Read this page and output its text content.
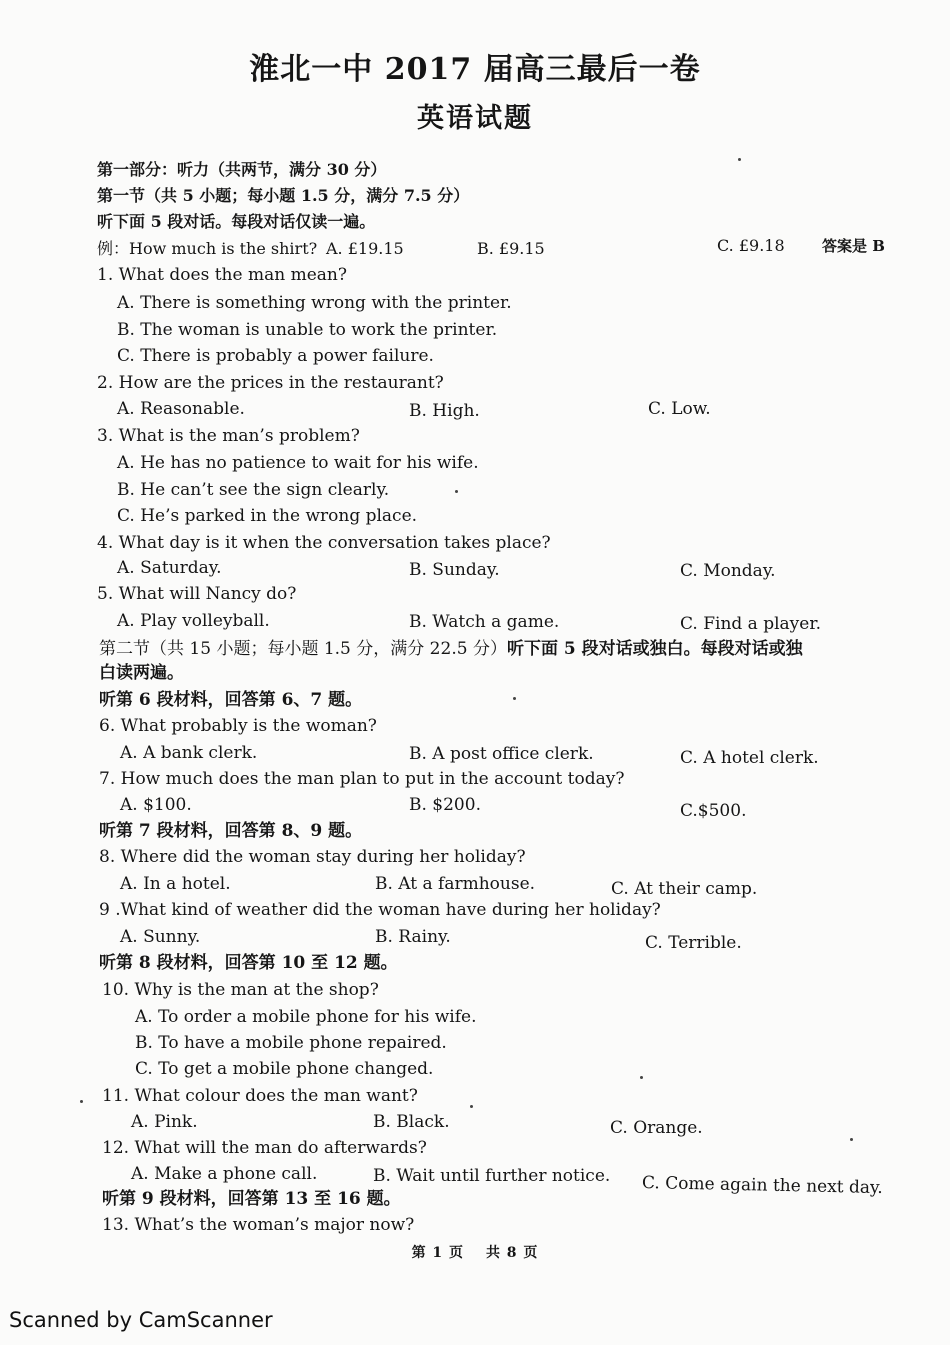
淮北一中 2017 届高三最后一卷
英语试题
第一部分：听力（共两节，满分 30 分）
第一节（共 5 小题；每小题 1.5 分，满分 7.5 分）
听下面 5 段对话。每段对话仅读一遍。
例：How much is the shirt? A. £19.15	B. £9.15	C. £9.18 答案是 B
1. What does the man mean?
A. There is something wrong with the printer.
B. The woman is unable to work the printer.
C. There is probably a power failure.
2. How are the prices in the restaurant?
A. Reasonable.	B. High.	C. Low.
3. What is the man’s problem?
A. He has no patience to wait for his wife.
B. He can’t see the sign clearly.
C. He’s parked in the wrong place.
4. What day is it when the conversation takes place?
A. Saturday.	B. Sunday.	C. Monday.
5. What will Nancy do?
A. Play volleyball.	B. Watch a game.	C. Find a player.
第二节（共 15 小题；每小题 1.5 分，满分 22.5 分）听下面 5 段对话或独白。每段对话或独
白读两遍。
听第 6 段材料，回答第 6、7 题。
6. What probably is the woman?
A. A bank clerk.	B. A post office clerk.	C. A hotel clerk.
7. How much does the man plan to put in the account today?
A. $100.	B. $200.	C.$500.
听第 7 段材料，回答第 8、9 题。
8. Where did the woman stay during her holiday?
A. In a hotel.	B. At a farmhouse.	C. At their camp.
9 .What kind of weather did the woman have during her holiday?
A. Sunny.	B. Rainy.	C. Terrible.
听第 8 段材料，回答第 10 至 12 题。
10. Why is the man at the shop?
A. To order a mobile phone for his wife.
B. To have a mobile phone repaired.
C. To get a mobile phone changed.
11. What colour does the man want?
A. Pink.	B. Black.	C. Orange.
12. What will the man do afterwards?
A. Make a phone call.	B. Wait until further notice. C. Come again the next day.
听第 9 段材料，回答第 13 至 16 题。
13. What’s the woman’s major now?
第 1 页 共 8 页
Scanned by CamScanner
